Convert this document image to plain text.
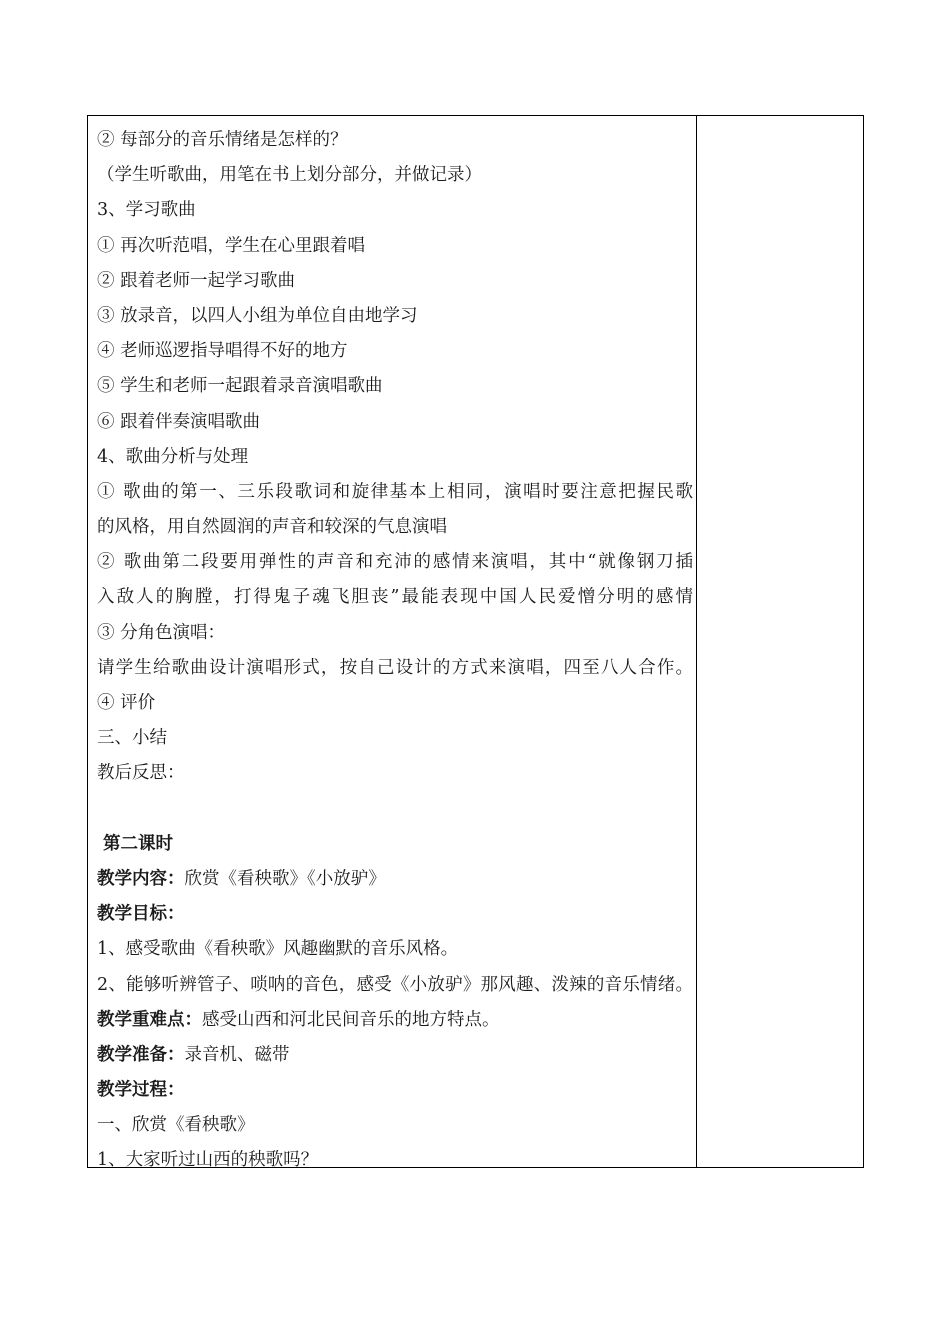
② 每部分的音乐情绪是怎样的？
（学生听歌曲，用笔在书上划分部分，并做记录）
3、学习歌曲
① 再次听范唱，学生在心里跟着唱
② 跟着老师一起学习歌曲
③ 放录音，以四人小组为单位自由地学习
④ 老师巡逻指导唱得不好的地方
⑤ 学生和老师一起跟着录音演唱歌曲
⑥ 跟着伴奏演唱歌曲
4、歌曲分析与处理
① 歌曲的第一、三乐段歌词和旋律基本上相同，演唱时要注意把握民歌
的风格，用自然圆润的声音和较深的气息演唱
② 歌曲第二段要用弹性的声音和充沛的感情来演唱，其中“就像钢刀插
入敌人的胸膛，打得鬼子魂飞胆丧”最能表现中国人民爱憎分明的感情
③ 分角色演唱：
请学生给歌曲设计演唱形式，按自己设计的方式来演唱，四至八人合作。
④ 评价
三、小结
教后反思：
第二课时
教学内容：欣赏《看秧歌》《小放驴》
教学目标：
1、感受歌曲《看秧歌》风趣幽默的音乐风格。
2、能够听辨管子、唢呐的音色，感受《小放驴》那风趣、泼辣的音乐情绪。
教学重难点：感受山西和河北民间音乐的地方特点。
教学准备：录音机、磁带
教学过程：
一、欣赏《看秧歌》
1、大家听过山西的秧歌吗？
